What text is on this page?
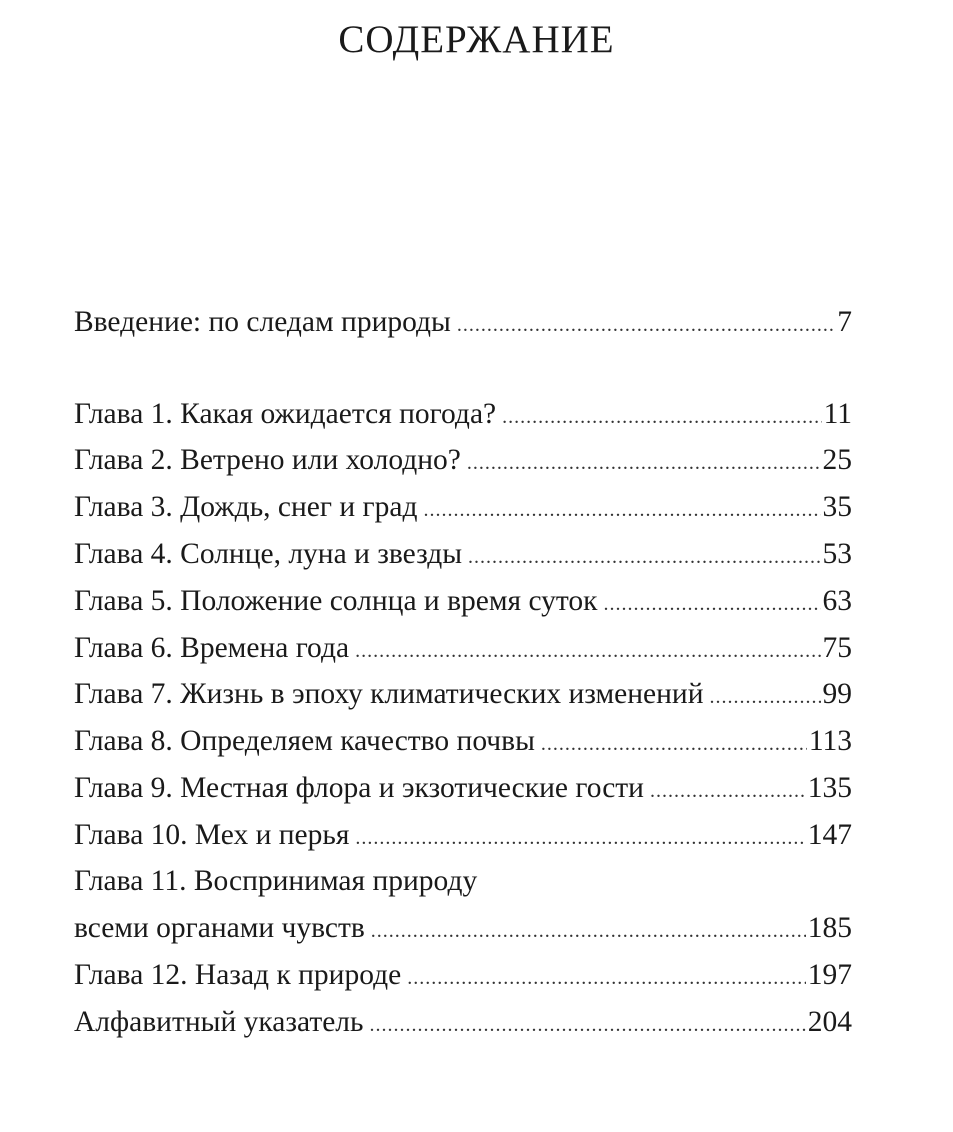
СОДЕРЖАНИЕ
Введение: по следам природы .....	7
Глава 1. Какая ожидается погода? .....	11
Глава 2. Ветрено или холодно? .....	25
Глава 3. Дождь, снег и град .....	35
Глава 4. Солнце, луна и звезды .....	53
Глава 5. Положение солнца и время суток .....	63
Глава 6. Времена года .....	75
Глава 7. Жизнь в эпоху климатических изменений .....	99
Глава 8. Определяем качество почвы .....	113
Глава 9. Местная флора и экзотические гости .....	135
Глава 10. Мех и перья .....	147
Глава 11. Воспринимая природу
всеми органами чувств .....	185
Глава 12. Назад к природе .....	197
Алфавитный указатель .....	204
